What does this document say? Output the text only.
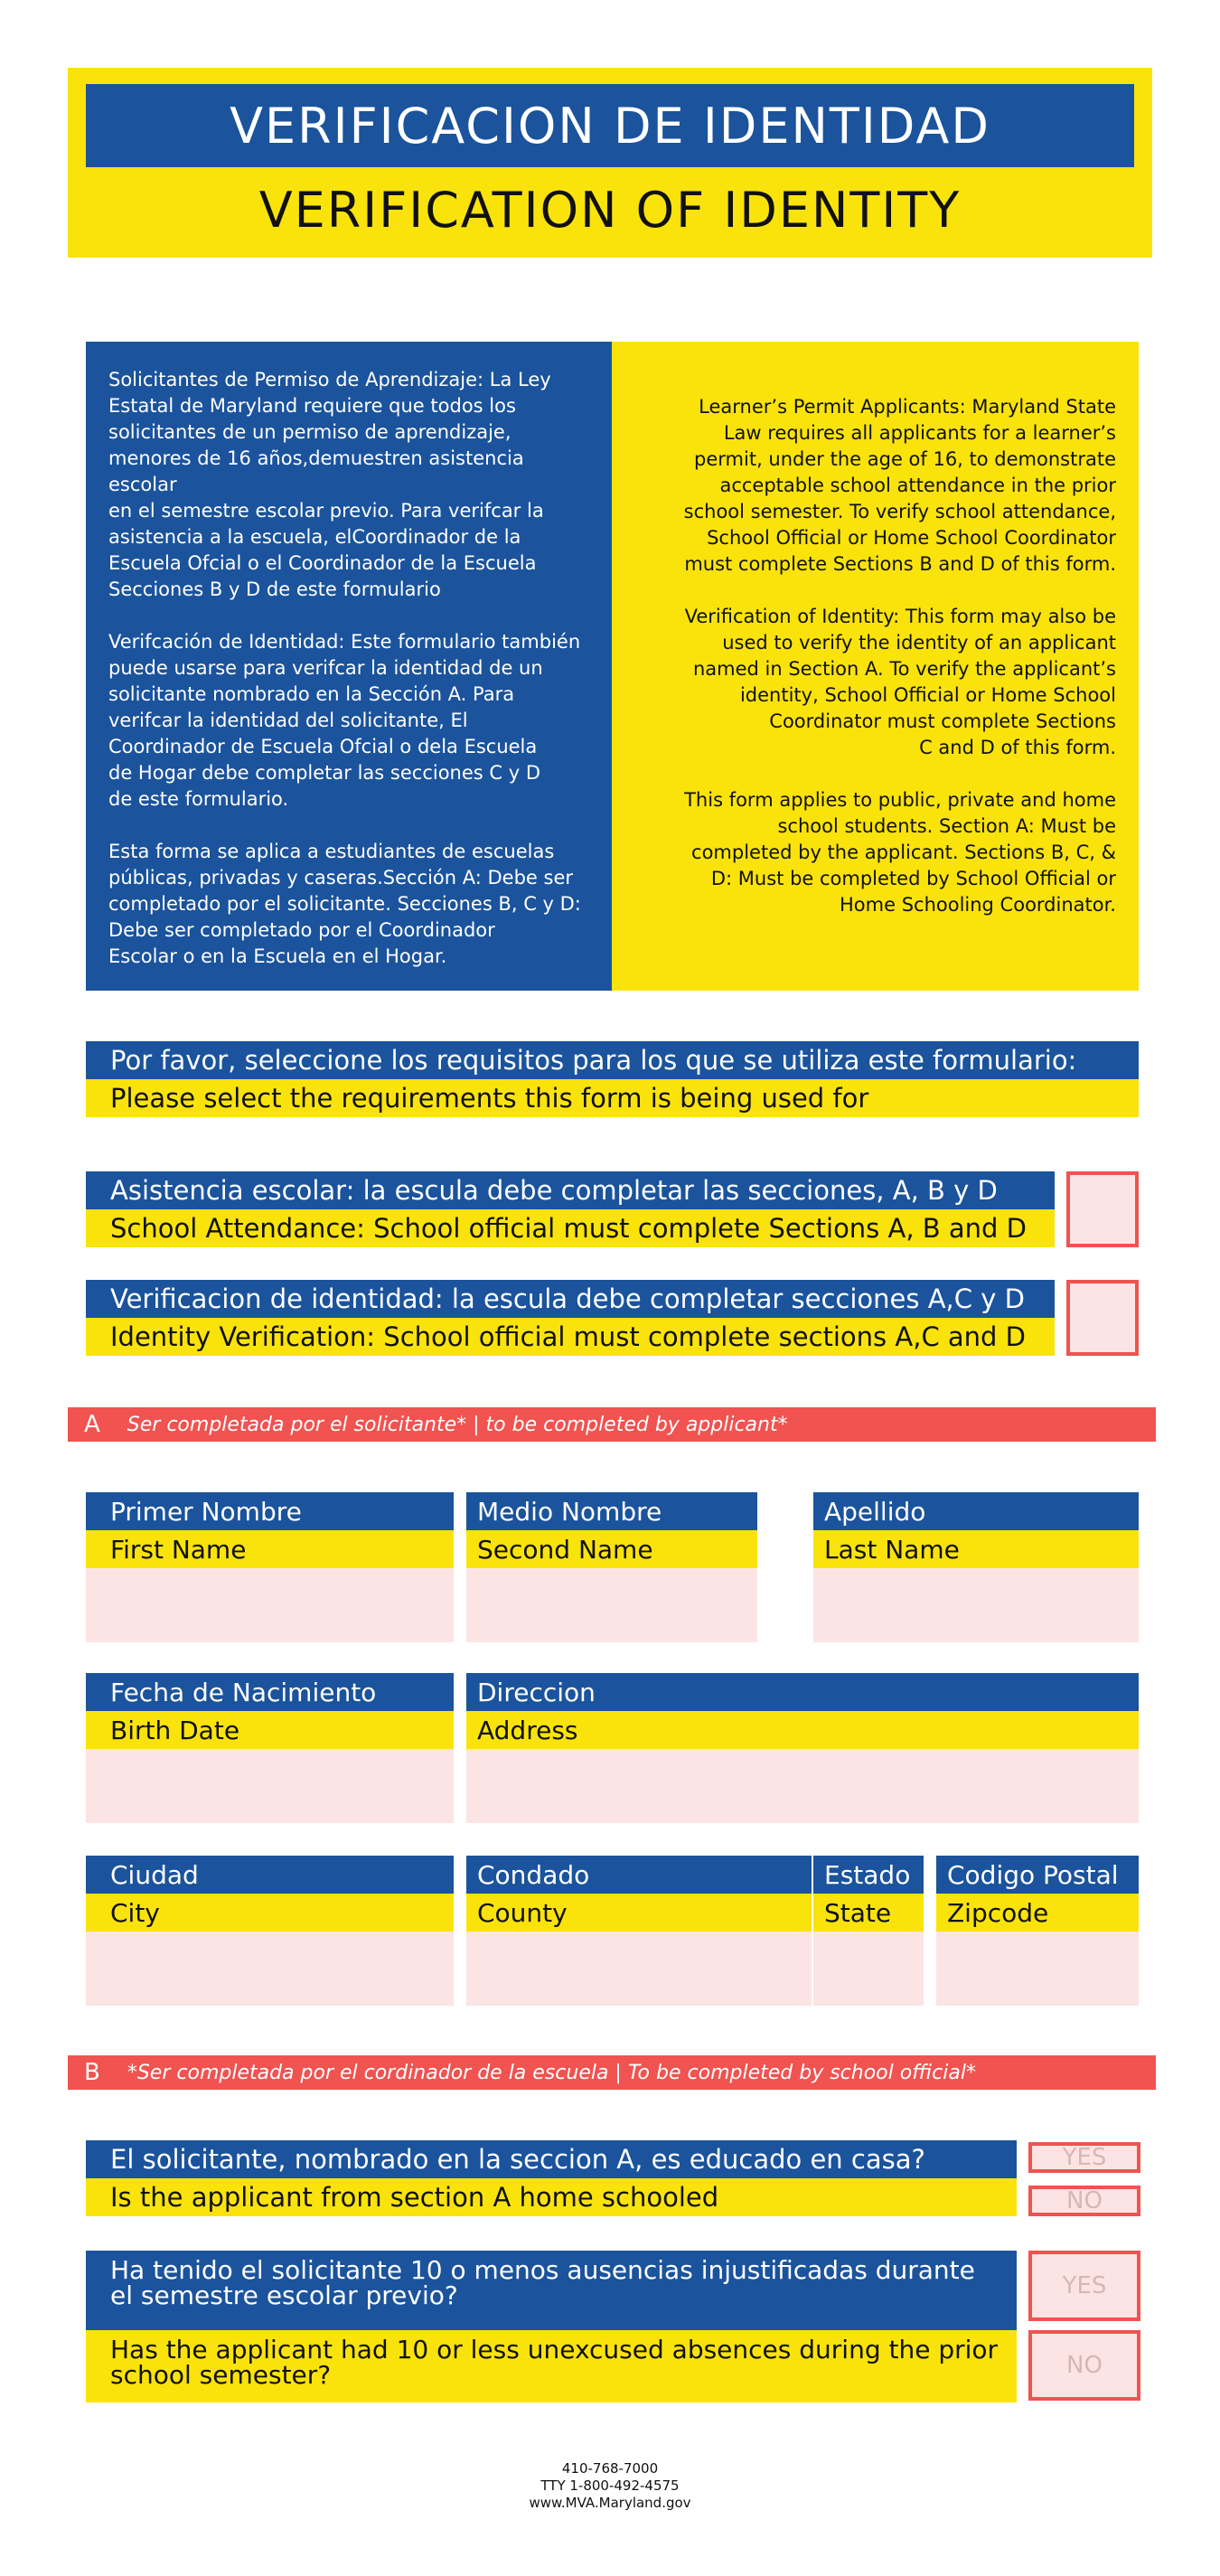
VERIFICACION DE IDENTIDAD
VERIFICATION OF IDENTITY

Solicitantes de Permiso de Aprendizaje: La Ley
Estatal de Maryland requiere que todos los
solicitantes de un permiso de aprendizaje,
menores de 16 años,demuestren asistencia escolar
en el semestre escolar previo. Para verifcar la
asistencia a la escuela, elCoordinador de la
Escuela Ofcial o el Coordinador de la Escuela
Secciones B y D de este formulario

Verifcación de Identidad: Este formulario también
puede usarse para verifcar la identidad de un
solicitante nombrado en la Sección A. Para
verifcar la identidad del solicitante, El
Coordinador de Escuela Ofcial o dela Escuela
de Hogar debe completar las secciones C y D
de este formulario.

Esta forma se aplica a estudiantes de escuelas
públicas, privadas y caseras.Sección A: Debe ser
completado por el solicitante. Secciones B, C y D:
Debe ser completado por el Coordinador
Escolar o en la Escuela en el Hogar.

Learner’s Permit Applicants: Maryland State
Law requires all applicants for a learner’s
permit, under the age of 16, to demonstrate
acceptable school attendance in the prior
school semester. To verify school attendance,
School Official or Home School Coordinator
must complete Sections B and D of this form.

Verification of Identity: This form may also be
used to verify the identity of an applicant
named in Section A. To verify the applicant’s
identity, School Official or Home School
Coordinator must complete Sections
C and D of this form.

This form applies to public, private and home
school students. Section A: Must be
completed by the applicant. Sections B, C, &
D: Must be completed by School Official or
Home Schooling Coordinator.

Por favor, seleccione los requisitos para los que se utiliza este formulario:
Please select the requirements this form is being used for
Asistencia escolar: la escula debe completar las secciones, A, B y D
School Attendance: School official must complete Sections A, B and D
Verificacion de identidad: la escula debe completar secciones A,C y D
Identity Verification: School official must complete sections A,C and D
A Ser completada por el solicitante* | to be completed by applicant*
Primer Nombre
First Name
Medio Nombre
Second Name
Apellido
Last Name
Fecha de Nacimiento
Birth Date
Direccion
Address
Ciudad
City
Condado
County
Estado
State
Codigo Postal
Zipcode
B *Ser completada por el cordinador de la escuela | To be completed by school official*
El solicitante, nombrado en la seccion A, es educado en casa?
Is the applicant from section A home schooled
YES
NO
Ha tenido el solicitante 10 o menos ausencias injustificadas durante
el semestre escolar previo?
Has the applicant had 10 or less unexcused absences during the prior
school semester?
YES
NO
410-768-7000
TTY 1-800-492-4575
www.MVA.Maryland.gov
